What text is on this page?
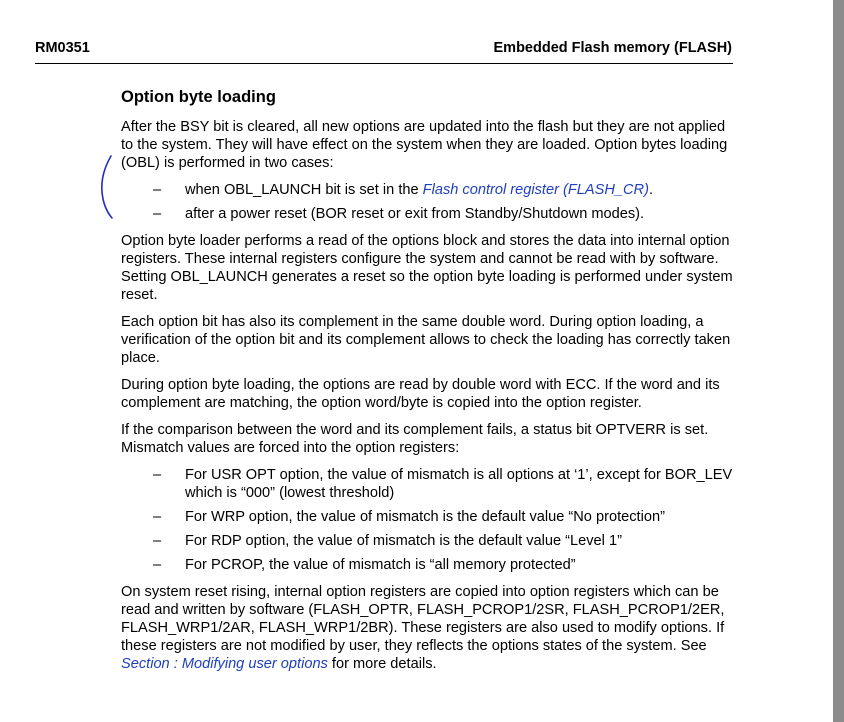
RM0351	Embedded Flash memory (FLASH)
Option byte loading

After the BSY bit is cleared, all new options are updated into the flash but they are not applied to the system. They will have effect on the system when they are loaded. Option bytes loading (OBL) is performed in two cases:

– when OBL_LAUNCH bit is set in the Flash control register (FLASH_CR).
– after a power reset (BOR reset or exit from Standby/Shutdown modes).

Option byte loader performs a read of the options block and stores the data into internal option registers. These internal registers configure the system and cannot be read with by software. Setting OBL_LAUNCH generates a reset so the option byte loading is performed under system reset.

Each option bit has also its complement in the same double word. During option loading, a verification of the option bit and its complement allows to check the loading has correctly taken place.

During option byte loading, the options are read by double word with ECC. If the word and its complement are matching, the option word/byte is copied into the option register.

If the comparison between the word and its complement fails, a status bit OPTVERR is set. Mismatch values are forced into the option registers:

– For USR OPT option, the value of mismatch is all options at ‘1’, except for BOR_LEV which is “000” (lowest threshold)
– For WRP option, the value of mismatch is the default value “No protection”
– For RDP option, the value of mismatch is the default value “Level 1”
– For PCROP, the value of mismatch is “all memory protected”

On system reset rising, internal option registers are copied into option registers which can be read and written by software (FLASH_OPTR, FLASH_PCROP1/2SR, FLASH_PCROP1/2ER, FLASH_WRP1/2AR, FLASH_WRP1/2BR). These registers are also used to modify options. If these registers are not modified by user, they reflects the options states of the system. See Section : Modifying user options for more details.
